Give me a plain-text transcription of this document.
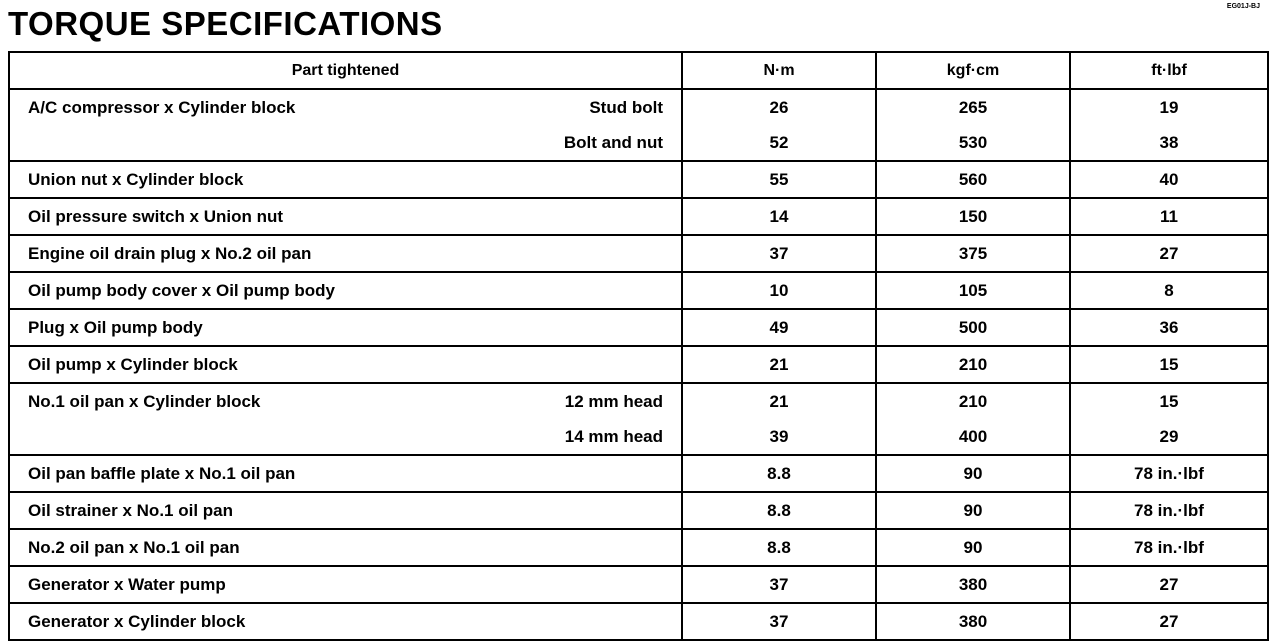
TORQUE SPECIFICATIONS	EG01J-BJ
Part tightened	N·m	kgf·cm	ft·lbf

A/C compressor x Cylinder block Stud bolt	26	265	19

Bolt and nut	52	530	38

Union nut x Cylinder block	55	560	40

Oil pressure switch x Union nut	14	150	11

Engine oil drain plug x No.2 oil pan	37	375	27

Oil pump body cover x Oil pump body	10	105	8

Plug x Oil pump body	49	500	36

Oil pump x Cylinder block	21	210	15

No.1 oil pan x Cylinder block 12 mm head	21	210	15

14 mm head	39	400	29

Oil pan baffle plate x No.1 oil pan	8.8	90	78 in.·lbf

Oil strainer x No.1 oil pan	8.8	90	78 in.·lbf

No.2 oil pan x No.1 oil pan	8.8	90	78 in.·lbf

Generator x Water pump	37	380	27

Generator x Cylinder block	37	380	27
